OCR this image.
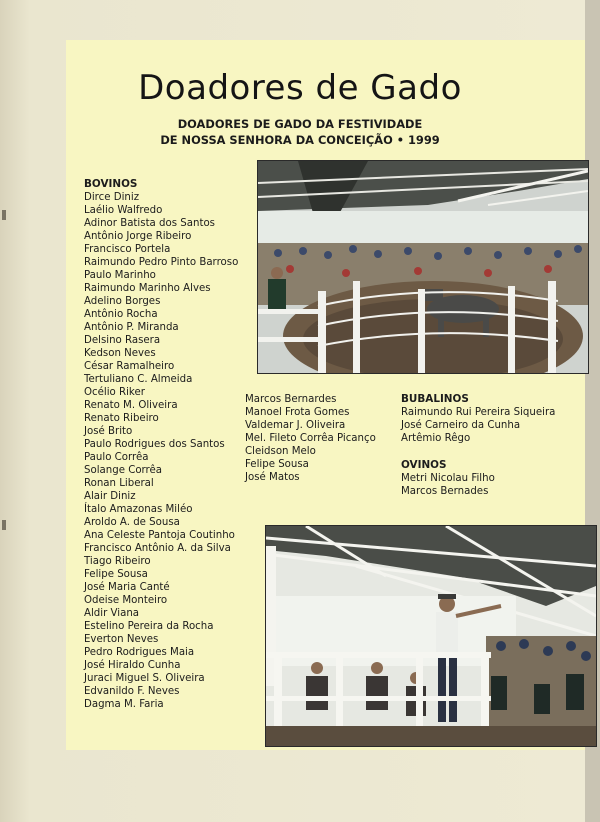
Doadores de Gado
DOADORES DE GADO DA FESTIVIDADE
DE NOSSA SENHORA DA CONCEIÇÃO • 1999
BOVINOS
Dirce Diniz
Laélio Walfredo
Adinor Batista dos Santos
Antônio Jorge Ribeiro
Francisco Portela
Raimundo Pedro Pinto Barroso
Paulo Marinho
Raimundo Marinho Alves
Adelino Borges
Antônio Rocha
Antônio P. Miranda
Delsino Rasera
Kedson Neves
César Ramalheiro
Tertuliano C. Almeida
Océlio Riker
Renato M. Oliveira
Renato Ribeiro
José Brito
Paulo Rodrigues dos Santos
Paulo Corrêa
Solange Corrêa
Ronan Liberal
Alair Diniz
Ítalo Amazonas Miléo
Aroldo A. de Sousa
Ana Celeste Pantoja Coutinho
Francisco Antônio A. da Silva
Tiago Ribeiro
Felipe Sousa
José Maria Canté
Odeise Monteiro
Aldir Viana
Estelino Pereira da Rocha
Everton Neves
Pedro Rodrigues Maia
José Hiraldo Cunha
Juraci Miguel S. Oliveira
Edvanildo F. Neves
Dagma M. Faria
Marcos Bernardes
Manoel Frota Gomes
Valdemar J. Oliveira
Mel. Fileto Corrêa Picanço
Cleidson Melo
Felipe Sousa
José Matos
BUBALINOS
Raimundo Rui Pereira Siqueira
José Carneiro da Cunha
Artêmio Rêgo
OVINOS
Metri Nicolau Filho
Marcos Bernades
